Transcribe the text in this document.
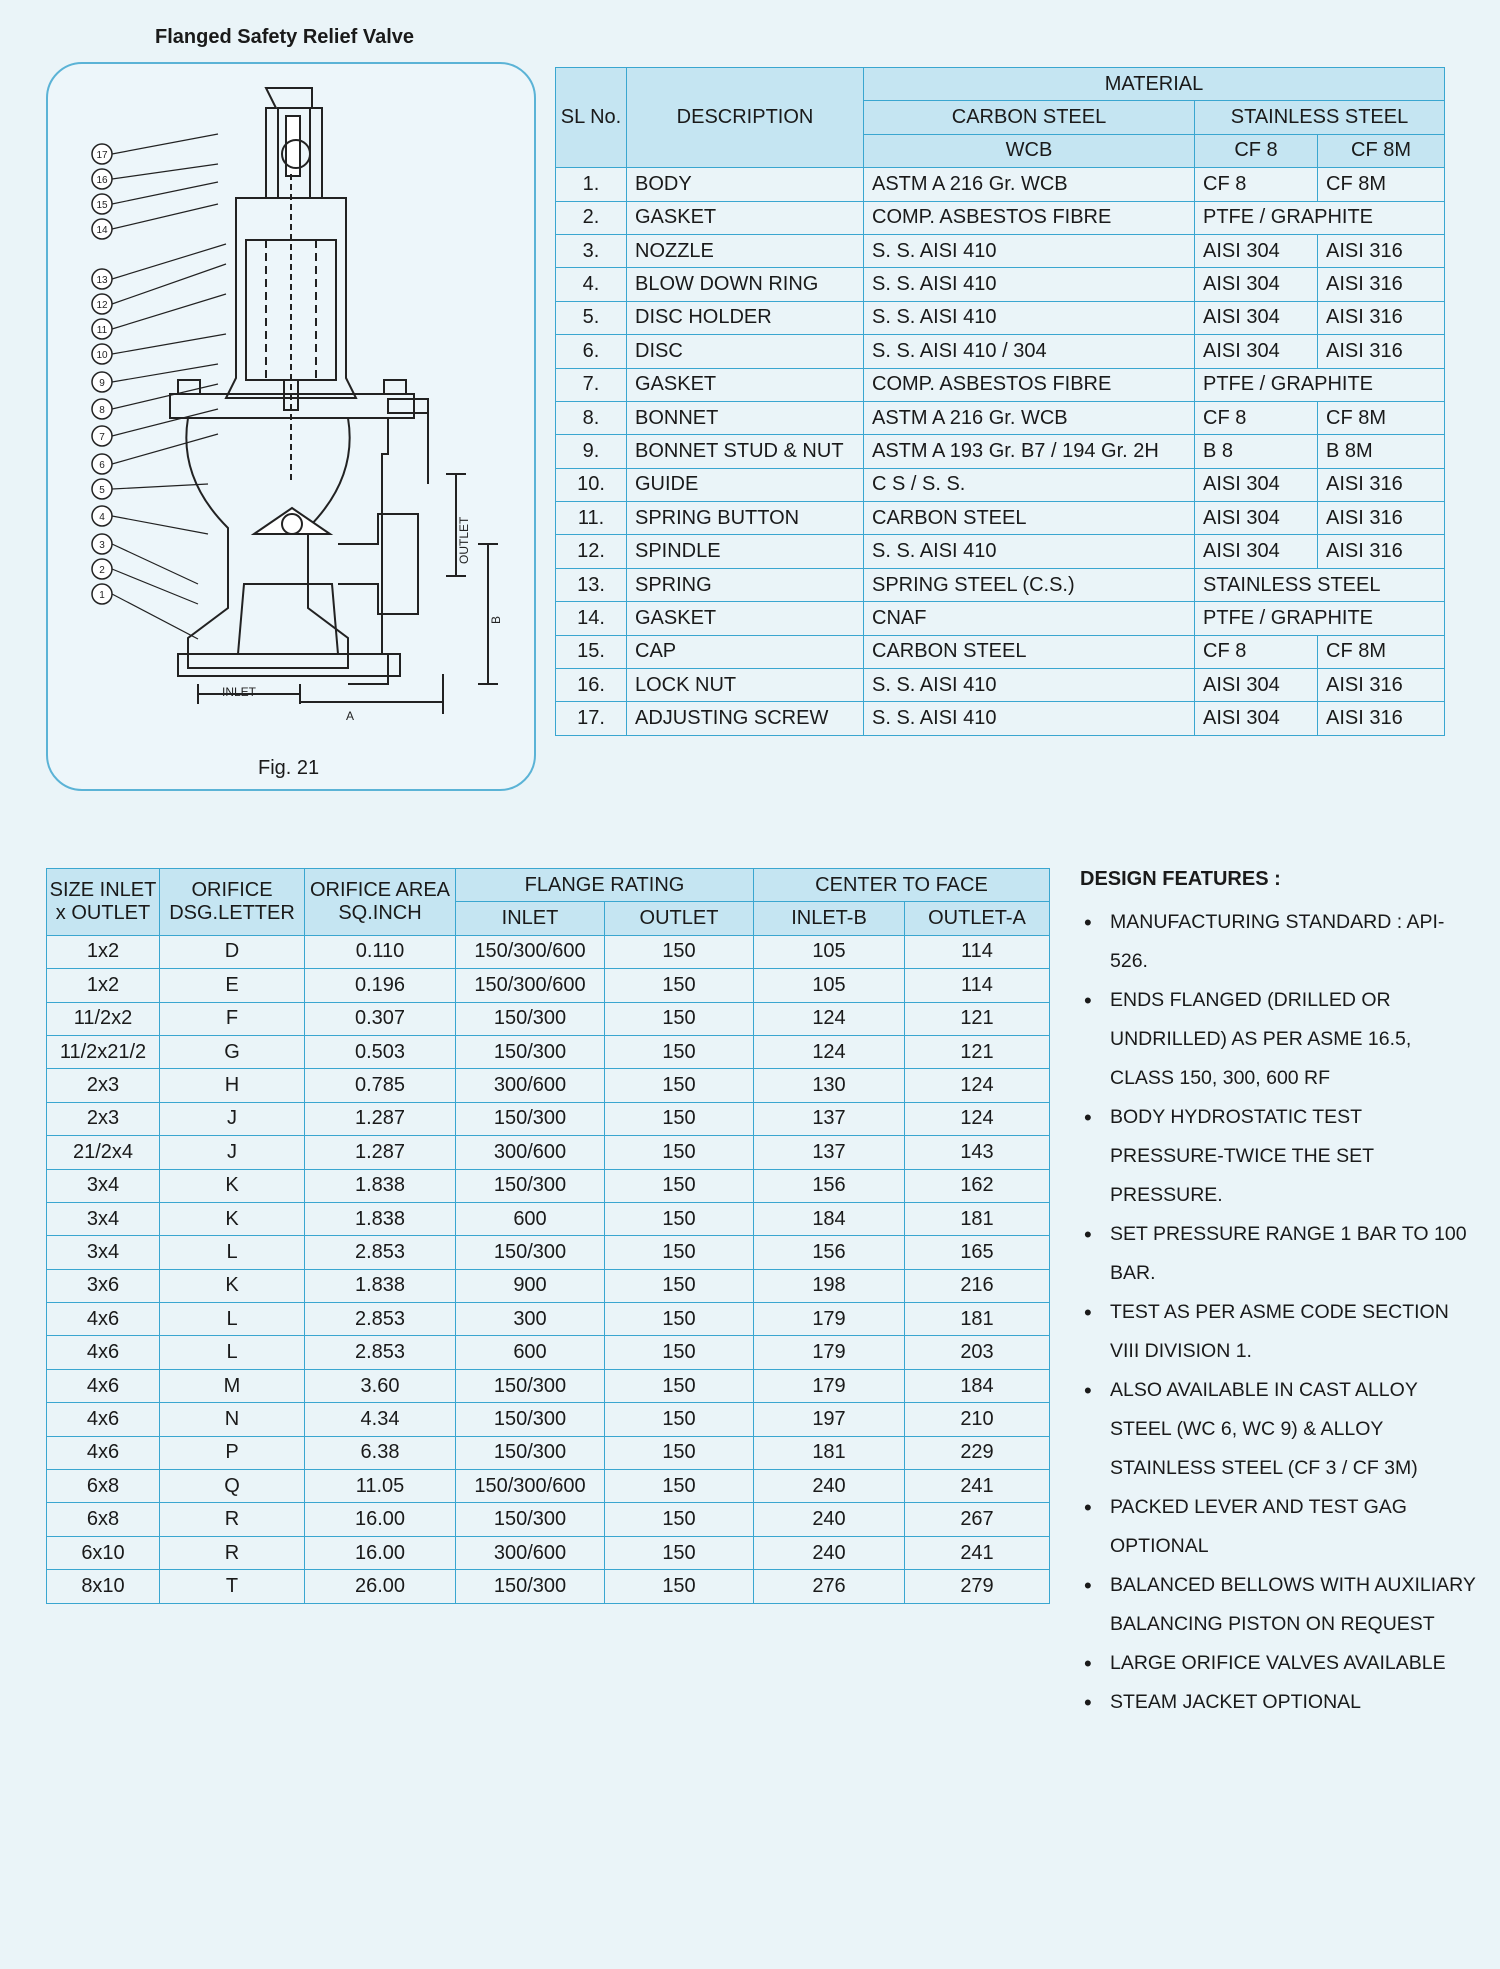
Flanged Safety Relief Valve
INLET
A
OUTLET
B
17
16
15
14
13
12
11
10
9
8
7
6
5
4
3
2
1
Fig. 21
SL No.	DESCRIPTION	MATERIAL		
		CARBON STEEL	STAINLESS STEEL	
		WCB	CF 8	CF 8M
1.	BODY	ASTM A 216 Gr. WCB	CF 8	CF 8M
2.	GASKET	COMP. ASBESTOS FIBRE	PTFE / GRAPHITE	
3.	NOZZLE	S. S. AISI 410	AISI 304	AISI 316
4.	BLOW DOWN RING	S. S. AISI 410	AISI 304	AISI 316
5.	DISC HOLDER	S. S. AISI 410	AISI 304	AISI 316
6.	DISC	S. S. AISI 410 / 304	AISI 304	AISI 316
7.	GASKET	COMP. ASBESTOS FIBRE	PTFE / GRAPHITE	
8.	BONNET	ASTM A 216 Gr. WCB	CF 8	CF 8M
9.	BONNET STUD & NUT	ASTM A 193 Gr. B7 / 194 Gr. 2H	B 8	B 8M
10.	GUIDE	C S / S. S.	AISI 304	AISI 316
11.	SPRING BUTTON	CARBON STEEL	AISI 304	AISI 316
12.	SPINDLE	S. S. AISI 410	AISI 304	AISI 316
13.	SPRING	SPRING STEEL (C.S.)	STAINLESS STEEL	
14.	GASKET	CNAF	PTFE / GRAPHITE	
15.	CAP	CARBON STEEL	CF 8	CF 8M
16.	LOCK NUT	S. S. AISI 410	AISI 304	AISI 316
17.	ADJUSTING SCREW	S. S. AISI 410	AISI 304	AISI 316
SIZE INLET x OUTLET	ORIFICE DSG.LETTER	ORIFICE AREA SQ.INCH	FLANGE RATING		CENTER TO FACE	
			INLET	OUTLET	INLET-B	OUTLET-A
1x2	D	0.110	150/300/600	150	105	114
1x2	E	0.196	150/300/600	150	105	114
11/2x2	F	0.307	150/300	150	124	121
11/2x21/2	G	0.503	150/300	150	124	121
2x3	H	0.785	300/600	150	130	124
2x3	J	1.287	150/300	150	137	124
21/2x4	J	1.287	300/600	150	137	143
3x4	K	1.838	150/300	150	156	162
3x4	K	1.838	600	150	184	181
3x4	L	2.853	150/300	150	156	165
3x6	K	1.838	900	150	198	216
4x6	L	2.853	300	150	179	181
4x6	L	2.853	600	150	179	203
4x6	M	3.60	150/300	150	179	184
4x6	N	4.34	150/300	150	197	210
4x6	P	6.38	150/300	150	181	229
6x8	Q	11.05	150/300/600	150	240	241
6x8	R	16.00	150/300	150	240	267
6x10	R	16.00	300/600	150	240	241
8x10	T	26.00	150/300	150	276	279
DESIGN FEATURES :
• MANUFACTURING STANDARD : API-526.
• ENDS FLANGED (DRILLED OR UNDRILLED) AS PER ASME 16.5, CLASS 150, 300, 600 RF
• BODY HYDROSTATIC TEST PRESSURE-TWICE THE SET PRESSURE.
• SET PRESSURE RANGE 1 BAR TO 100 BAR.
• TEST AS PER ASME CODE SECTION VIII DIVISION 1.
• ALSO AVAILABLE IN CAST ALLOY STEEL (WC 6, WC 9) & ALLOY STAINLESS STEEL (CF 3 / CF 3M)
• PACKED LEVER AND TEST GAG OPTIONAL
• BALANCED BELLOWS WITH AUXILIARY BALANCING PISTON ON REQUEST
• LARGE ORIFICE VALVES AVAILABLE
• STEAM JACKET OPTIONAL
